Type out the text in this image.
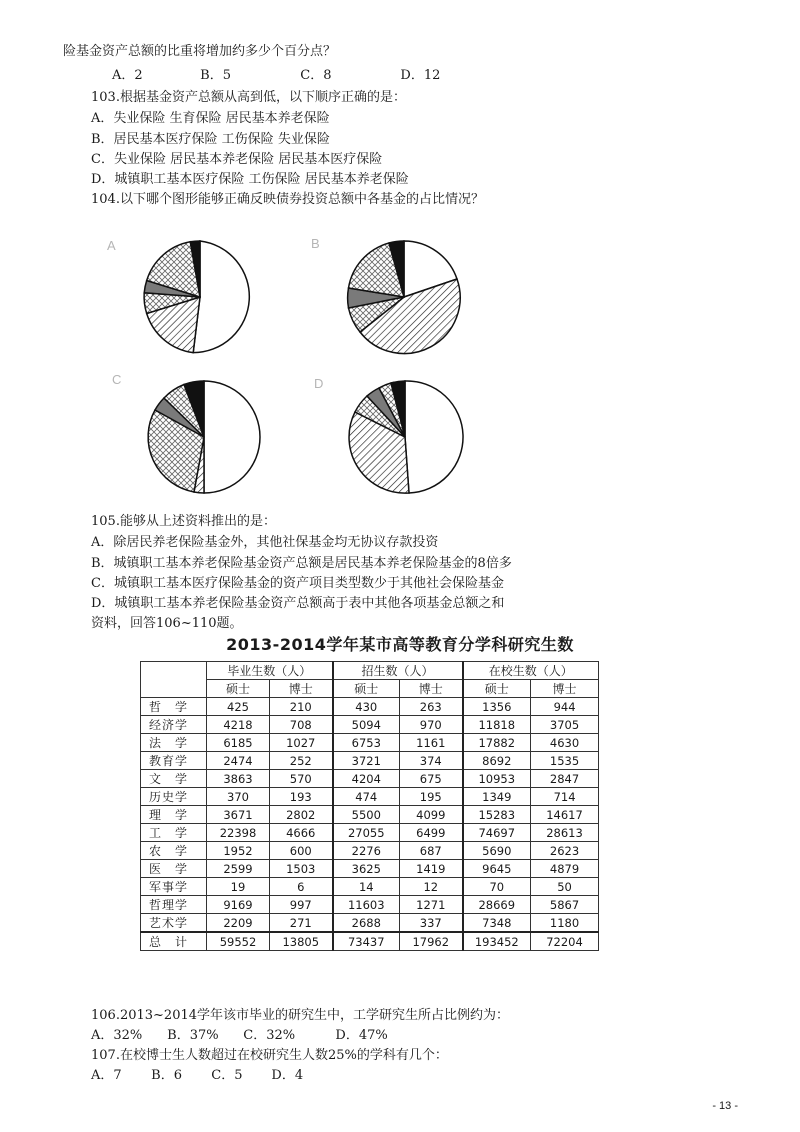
险基金资产总额的比重将增加约多少个百分点？
A．2	B．5	C．8	D．12
103.根据基金资产总额从高到低，以下顺序正确的是：
A．失业保险 生育保险 居民基本养老保险
B．居民基本医疗保险 工伤保险 失业保险
C．失业保险 居民基本养老保险 居民基本医疗保险
D．城镇职工基本医疗保险 工伤保险 居民基本养老保险
104.以下哪个图形能够正确反映债券投资总额中各基金的占比情况？
A	B
C	D
105.能够从上述资料推出的是：
A．除居民养老保险基金外，其他社保基金均无协议存款投资
B．城镇职工基本养老保险基金资产总额是居民基本养老保险基金的8倍多
C．城镇职工基本医疗保险基金的资产项目类型数少于其他社会保险基金
D．城镇职工基本养老保险基金资产总额高于表中其他各项基金总额之和
资料，回答106~110题。
2013-2014学年某市高等教育分学科研究生数
	毕业生数（人）		招生数（人）		在校生数（人）	
	硕士	博士	硕士	博士	硕士	博士
哲　学	425	210	430	263	1356	944
经济学	4218	708	5094	970	11818	3705
法　学	6185	1027	6753	1161	17882	4630
教育学	2474	252	3721	374	8692	1535
文　学	3863	570	4204	675	10953	2847
历史学	370	193	474	195	1349	714
理　学	3671	2802	5500	4099	15283	14617
工　学	22398	4666	27055	6499	74697	28613
农　学	1952	600	2276	687	5690	2623
医　学	2599	1503	3625	1419	9645	4879
军事学	19	6	14	12	70	50
哲理学	9169	997	11603	1271	28669	5867
艺术学	2209	271	2688	337	7348	1180
总　计	59552	13805	73437	17962	193452	72204
106.2013~2014学年该市毕业的研究生中，工学研究生所占比例约为：
A．32% B．37% C．32%	D．47%
107.在校博士生人数超过在校研究生人数25%的学科有几个：
A．7 B．6 C．5 D．4
- 13 -
